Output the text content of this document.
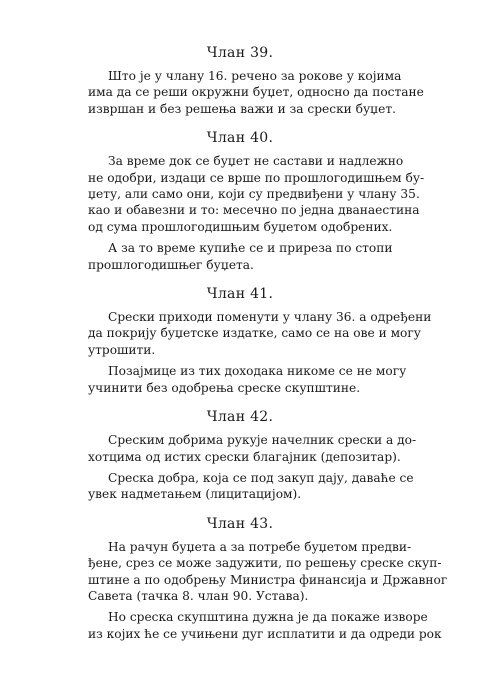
Члан 39.
Што је у члану 16. речено за рокове у којима
има да се реши окружни буџет, односно да постане
извршан и без решења важи и за срески буџет.
Члан 40.
За време док се буџет не састави и надлежно
не одобри, издаци се врше по прошлогодишњем бу-
џету, али само они, који су предвиђени у члану 35.
као и обавезни и то: месечно по једна дванаестина
од сума прошлогодишњим буџетом одобрених.
А за то време купиће се и приреза по стопи
прошлогодишњег буџета.
Члан 41.
Срески приходи поменути у члану 36. а одређени
да покрију буџетске издатке, само се на ове и могу
утрошити.
Позајмице из тих доходака никоме се не могу
учинити без одобрења среске скупштине.
Члан 42.
Среским добрима рукује начелник срески а до-
хотцима од истих срески благајник (депозитар).
Среска добра, која се под закуп дају, даваће се
увек надметањем (лицитацијом).
Члан 43.
На рачун буџета а за потребе буџетом предви-
ђене, срез се може задужити, по решењу среске скуп-
штине а по одобрењу Министра финансија и Државног
Савета (тачка 8. члан 90. Устава).
Но среска скупштина дужна је да покаже изворе
из којих ће се учињени дуг исплатити и да одреди рок
